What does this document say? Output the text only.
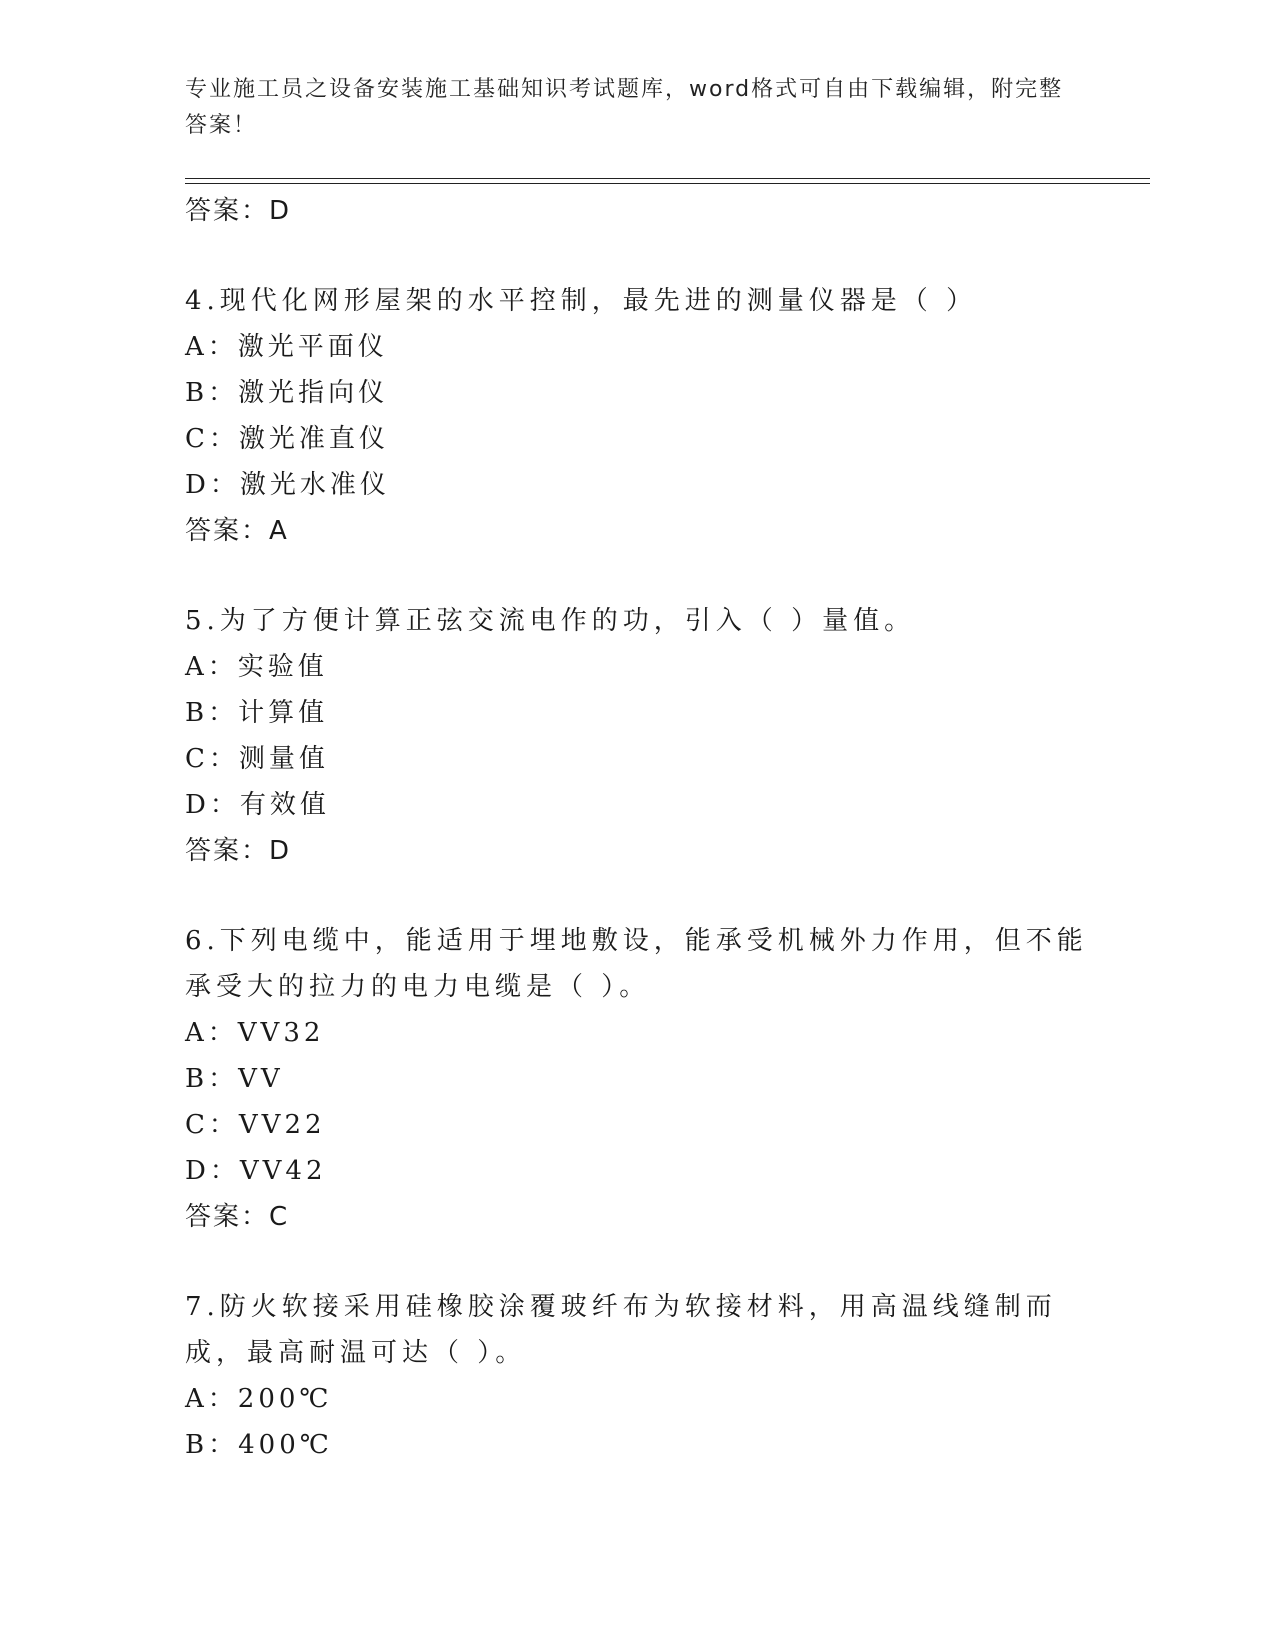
专业施工员之设备安装施工基础知识考试题库，word格式可自由下载编辑，附完整答案！
答案：D
4.现代化网形屋架的水平控制，最先进的测量仪器是（ ）
A：激光平面仪
B：激光指向仪
C：激光准直仪
D：激光水准仪
答案：A
5.为了方便计算正弦交流电作的功，引入（ ）量值。
A：实验值
B：计算值
C：测量值
D：有效值
答案：D
6.下列电缆中，能适用于埋地敷设，能承受机械外力作用，但不能承受大的拉力的电力电缆是（ ）。
A：VV32
B：VV
C：VV22
D：VV42
答案：C
7.防火软接采用硅橡胶涂覆玻纤布为软接材料，用高温线缝制而成，最高耐温可达（ ）。
A：200℃
B：400℃
